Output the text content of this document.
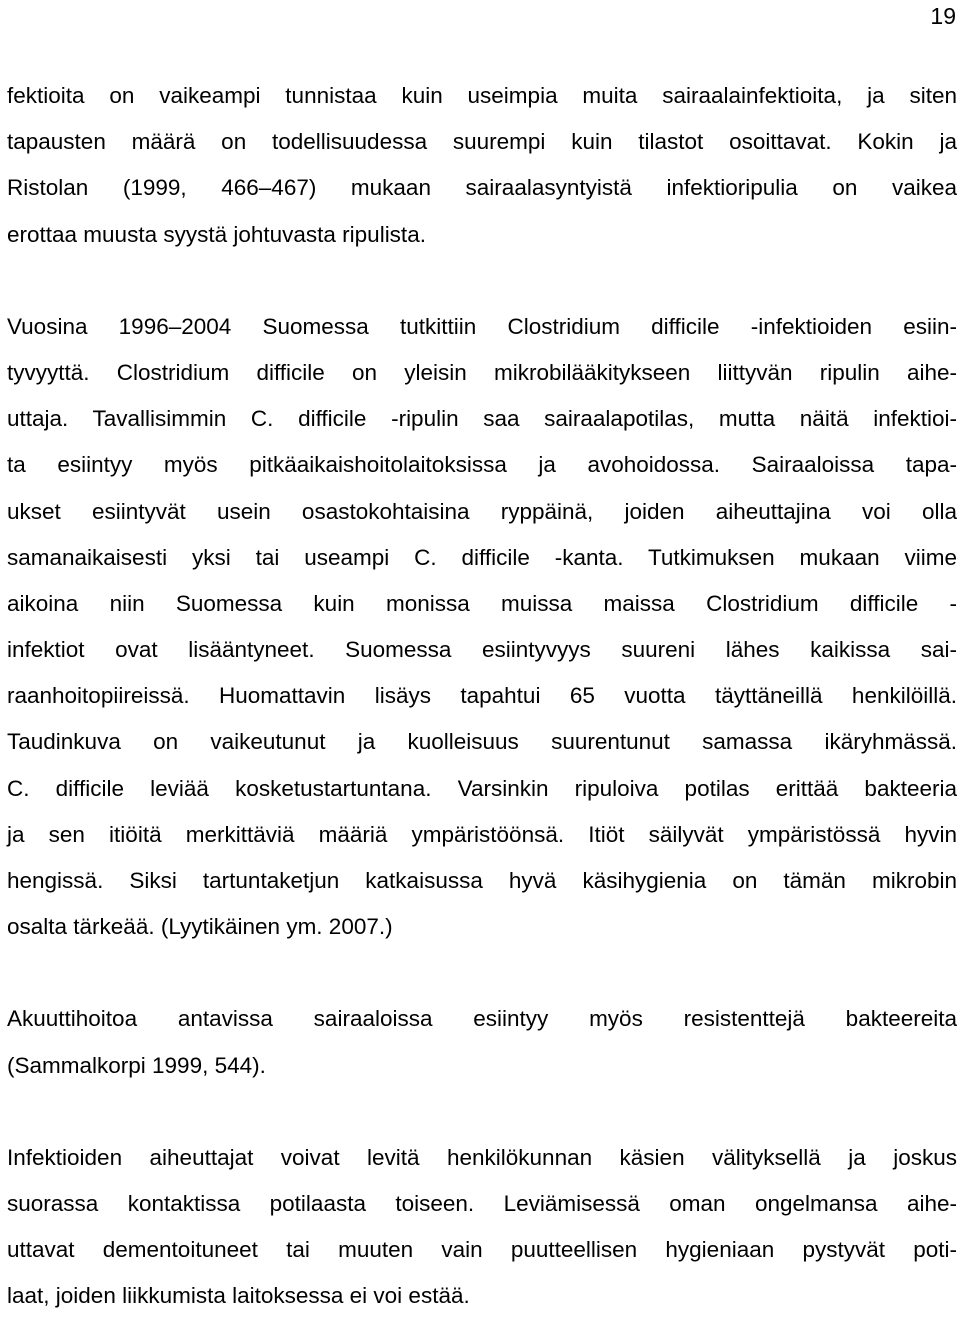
19
fektioita on vaikeampi tunnistaa kuin useimpia muita sairaalainfektioita, ja siten
tapausten määrä on todellisuudessa suurempi kuin tilastot osoittavat. Kokin ja
Ristolan (1999, 466–467) mukaan sairaalasyntyistä infektioripulia on vaikea
erottaa muusta syystä johtuvasta ripulista.
Vuosina 1996–2004 Suomessa tutkittiin Clostridium difficile -infektioiden esiin-
tyvyyttä. Clostridium difficile on yleisin mikrobilääkitykseen liittyvän ripulin aihe-
uttaja. Tavallisimmin C. difficile -ripulin saa sairaalapotilas, mutta näitä infektioi-
ta esiintyy myös pitkäaikaishoitolaitoksissa ja avohoidossa. Sairaaloissa tapa-
ukset esiintyvät usein osastokohtaisina ryppäinä, joiden aiheuttajina voi olla
samanaikaisesti yksi tai useampi C. difficile -kanta. Tutkimuksen mukaan viime
aikoina niin Suomessa kuin monissa muissa maissa Clostridium difficile -
infektiot ovat lisääntyneet. Suomessa esiintyvyys suureni lähes kaikissa sai-
raanhoitopiireissä. Huomattavin lisäys tapahtui 65 vuotta täyttäneillä henkilöillä.
Taudinkuva on vaikeutunut ja kuolleisuus suurentunut samassa ikäryhmässä.
C. difficile leviää kosketustartuntana. Varsinkin ripuloiva potilas erittää bakteeria
ja sen itiöitä merkittäviä määriä ympäristöönsä. Itiöt säilyvät ympäristössä hyvin
hengissä. Siksi tartuntaketjun katkaisussa hyvä käsihygienia on tämän mikrobin
osalta tärkeää. (Lyytikäinen ym. 2007.)
Akuuttihoitoa antavissa sairaaloissa esiintyy myös resistenttejä bakteereita
(Sammalkorpi 1999, 544).
Infektioiden aiheuttajat voivat levitä henkilökunnan käsien välityksellä ja joskus
suorassa kontaktissa potilaasta toiseen. Leviämisessä oman ongelmansa aihe-
uttavat dementoituneet tai muuten vain puutteellisen hygieniaan pystyvät poti-
laat, joiden liikkumista laitoksessa ei voi estää.
